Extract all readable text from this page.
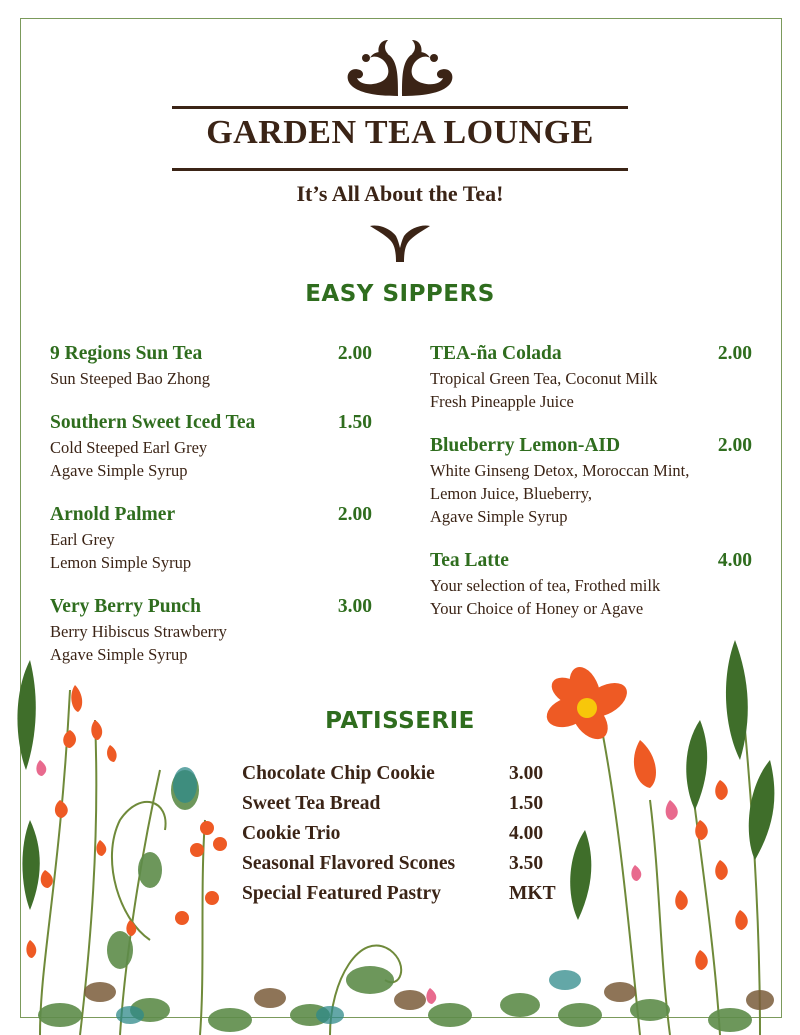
GARDEN TEA LOUNGE
It’s All About the Tea!
EASY SIPPERS
9 Regions Sun Tea	2.00
Sun Steeped Bao Zhong
Southern Sweet Iced Tea	1.50
Cold Steeped Earl Grey
Agave Simple Syrup
Arnold Palmer	2.00
Earl Grey
Lemon Simple Syrup
Very Berry Punch	3.00
Berry Hibiscus Strawberry
Agave Simple Syrup
TEA-ña Colada	2.00
Tropical Green Tea, Coconut Milk
Fresh Pineapple Juice
Blueberry Lemon-AID	2.00
White Ginseng Detox, Moroccan Mint,
Lemon Juice, Blueberry,
Agave Simple Syrup
Tea Latte	4.00
Your selection of tea, Frothed milk
Your Choice of Honey or Agave
PATISSERIE
Chocolate Chip Cookie	3.00
Sweet Tea Bread	1.50
Cookie Trio	4.00
Seasonal Flavored Scones	3.50
Special Featured Pastry	MKT
